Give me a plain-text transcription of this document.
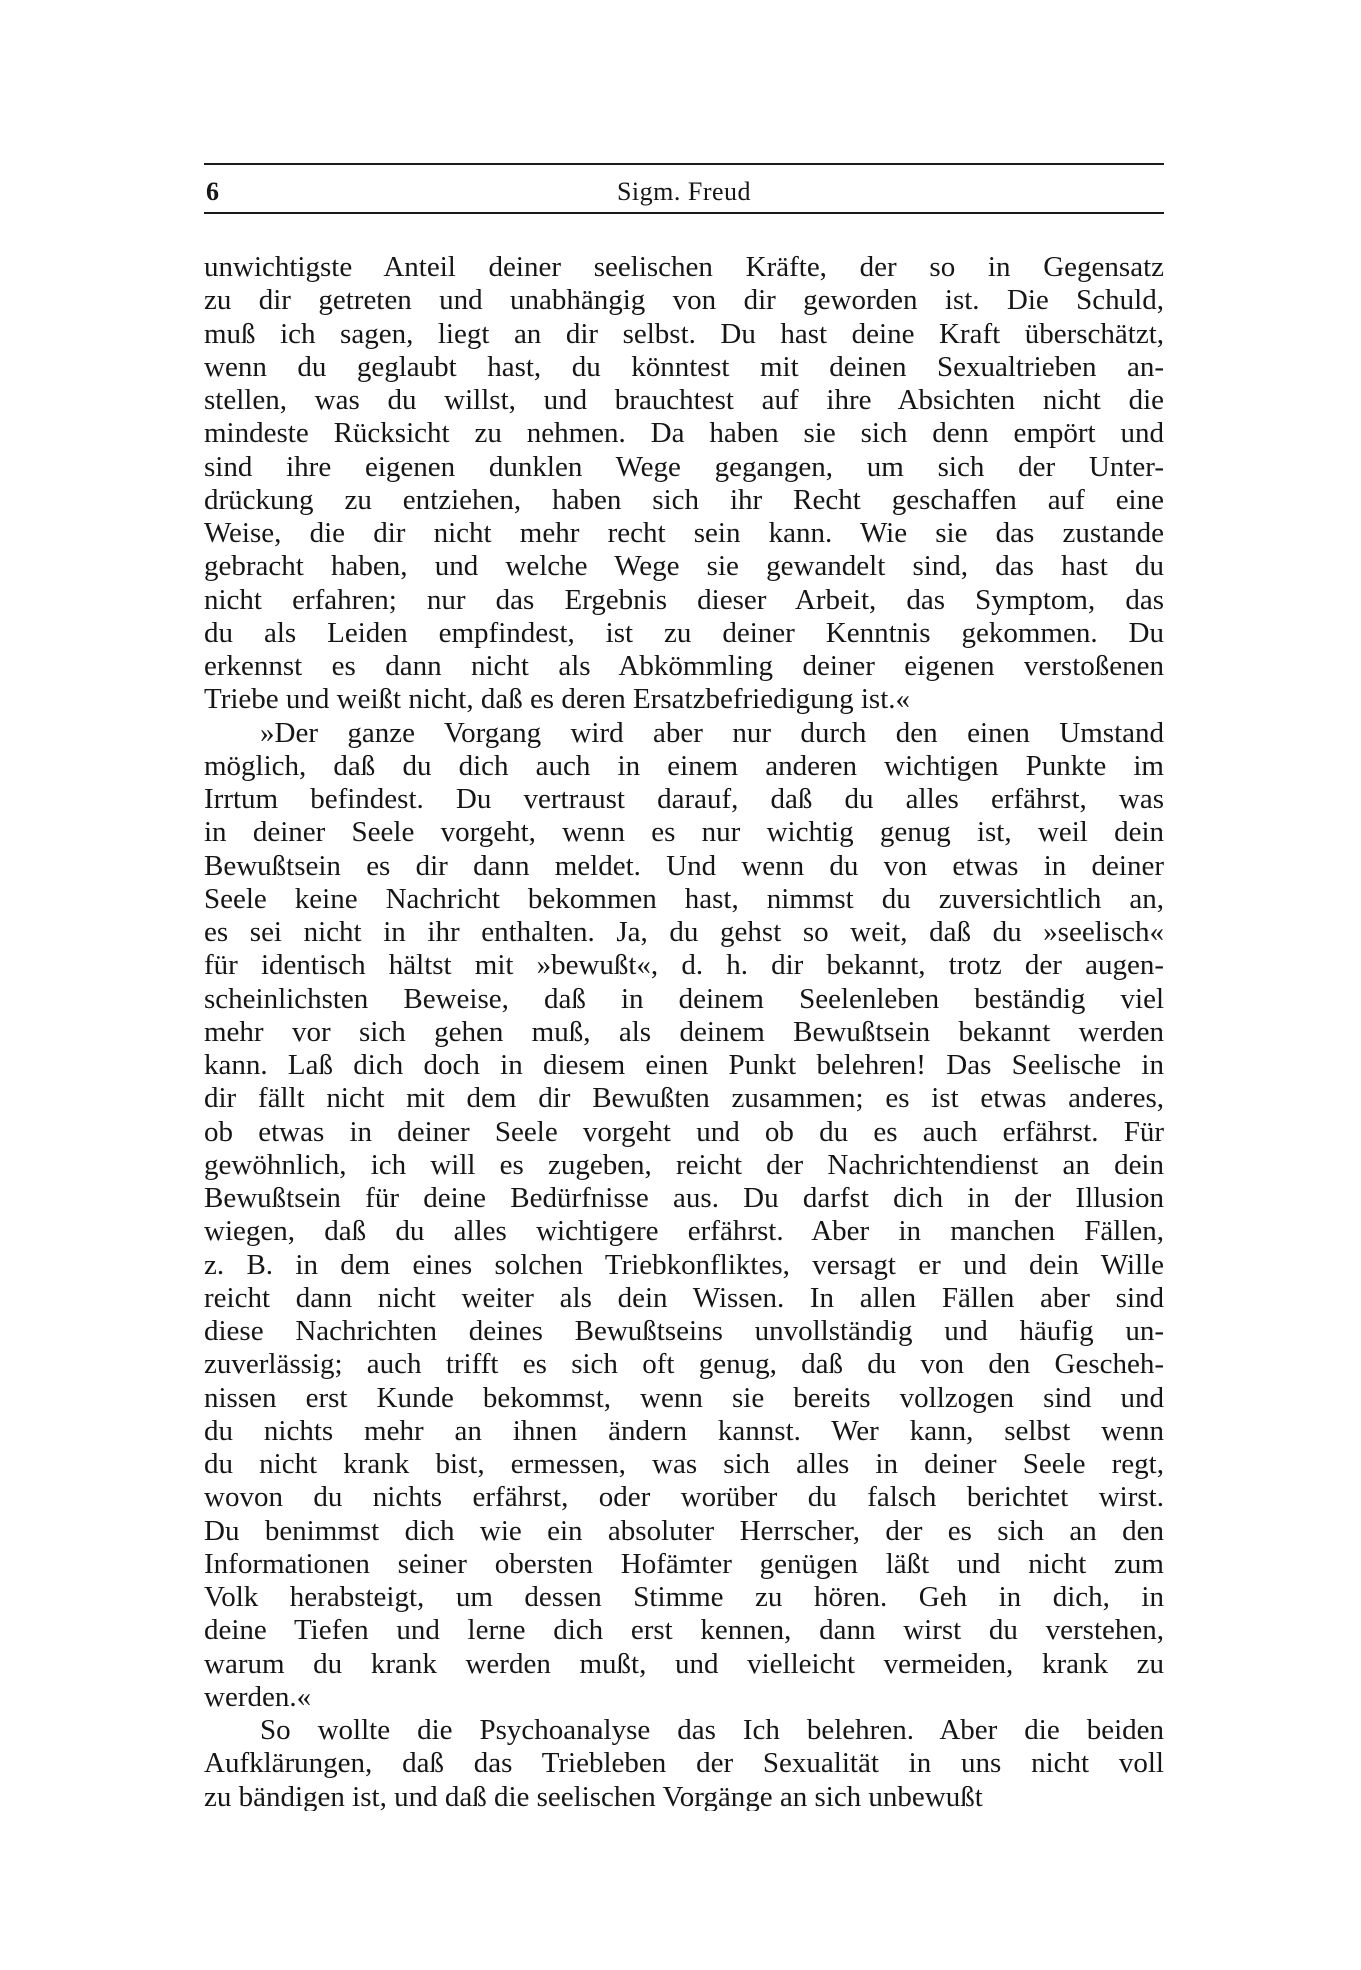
6	Sigm. Freud
unwichtigste Anteil deiner seelischen Kräfte, der so in Gegensatz
zu dir getreten und unabhängig von dir geworden ist. Die Schuld,
muß ich sagen, liegt an dir selbst. Du hast deine Kraft überschätzt,
wenn du geglaubt hast, du könntest mit deinen Sexualtrieben an-
stellen, was du willst, und brauchtest auf ihre Absichten nicht die
mindeste Rücksicht zu nehmen. Da haben sie sich denn empört und
sind ihre eigenen dunklen Wege gegangen, um sich der Unter-
drückung zu entziehen, haben sich ihr Recht geschaffen auf eine
Weise, die dir nicht mehr recht sein kann. Wie sie das zustande
gebracht haben, und welche Wege sie gewandelt sind, das hast du
nicht erfahren; nur das Ergebnis dieser Arbeit, das Symptom, das
du als Leiden empfindest, ist zu deiner Kenntnis gekommen. Du
erkennst es dann nicht als Abkömmling deiner eigenen verstoßenen
Triebe und weißt nicht, daß es deren Ersatzbefriedigung ist.«
»Der ganze Vorgang wird aber nur durch den einen Umstand
möglich, daß du dich auch in einem anderen wichtigen Punkte im
Irrtum befindest. Du vertraust darauf, daß du alles erfährst, was
in deiner Seele vorgeht, wenn es nur wichtig genug ist, weil dein
Bewußtsein es dir dann meldet. Und wenn du von etwas in deiner
Seele keine Nachricht bekommen hast, nimmst du zuversichtlich an,
es sei nicht in ihr enthalten. Ja, du gehst so weit, daß du »seelisch«
für identisch hältst mit »bewußt«, d. h. dir bekannt, trotz der augen-
scheinlichsten Beweise, daß in deinem Seelenleben beständig viel
mehr vor sich gehen muß, als deinem Bewußtsein bekannt werden
kann. Laß dich doch in diesem einen Punkt belehren! Das Seelische in
dir fällt nicht mit dem dir Bewußten zusammen; es ist etwas anderes,
ob etwas in deiner Seele vorgeht und ob du es auch erfährst. Für
gewöhnlich, ich will es zugeben, reicht der Nachrichtendienst an dein
Bewußtsein für deine Bedürfnisse aus. Du darfst dich in der Illusion
wiegen, daß du alles wichtigere erfährst. Aber in manchen Fällen,
z. B. in dem eines solchen Triebkonfliktes, versagt er und dein Wille
reicht dann nicht weiter als dein Wissen. In allen Fällen aber sind
diese Nachrichten deines Bewußtseins unvollständig und häufig un-
zuverlässig; auch trifft es sich oft genug, daß du von den Gescheh-
nissen erst Kunde bekommst, wenn sie bereits vollzogen sind und
du nichts mehr an ihnen ändern kannst. Wer kann, selbst wenn
du nicht krank bist, ermessen, was sich alles in deiner Seele regt,
wovon du nichts erfährst, oder worüber du falsch berichtet wirst.
Du benimmst dich wie ein absoluter Herrscher, der es sich an den
Informationen seiner obersten Hofämter genügen läßt und nicht zum
Volk herabsteigt, um dessen Stimme zu hören. Geh in dich, in
deine Tiefen und lerne dich erst kennen, dann wirst du verstehen,
warum du krank werden mußt, und vielleicht vermeiden, krank zu
werden.«
So wollte die Psychoanalyse das Ich belehren. Aber die beiden
Aufklärungen, daß das Triebleben der Sexualität in uns nicht voll
zu bändigen ist, und daß die seelischen Vorgänge an sich unbewußt
